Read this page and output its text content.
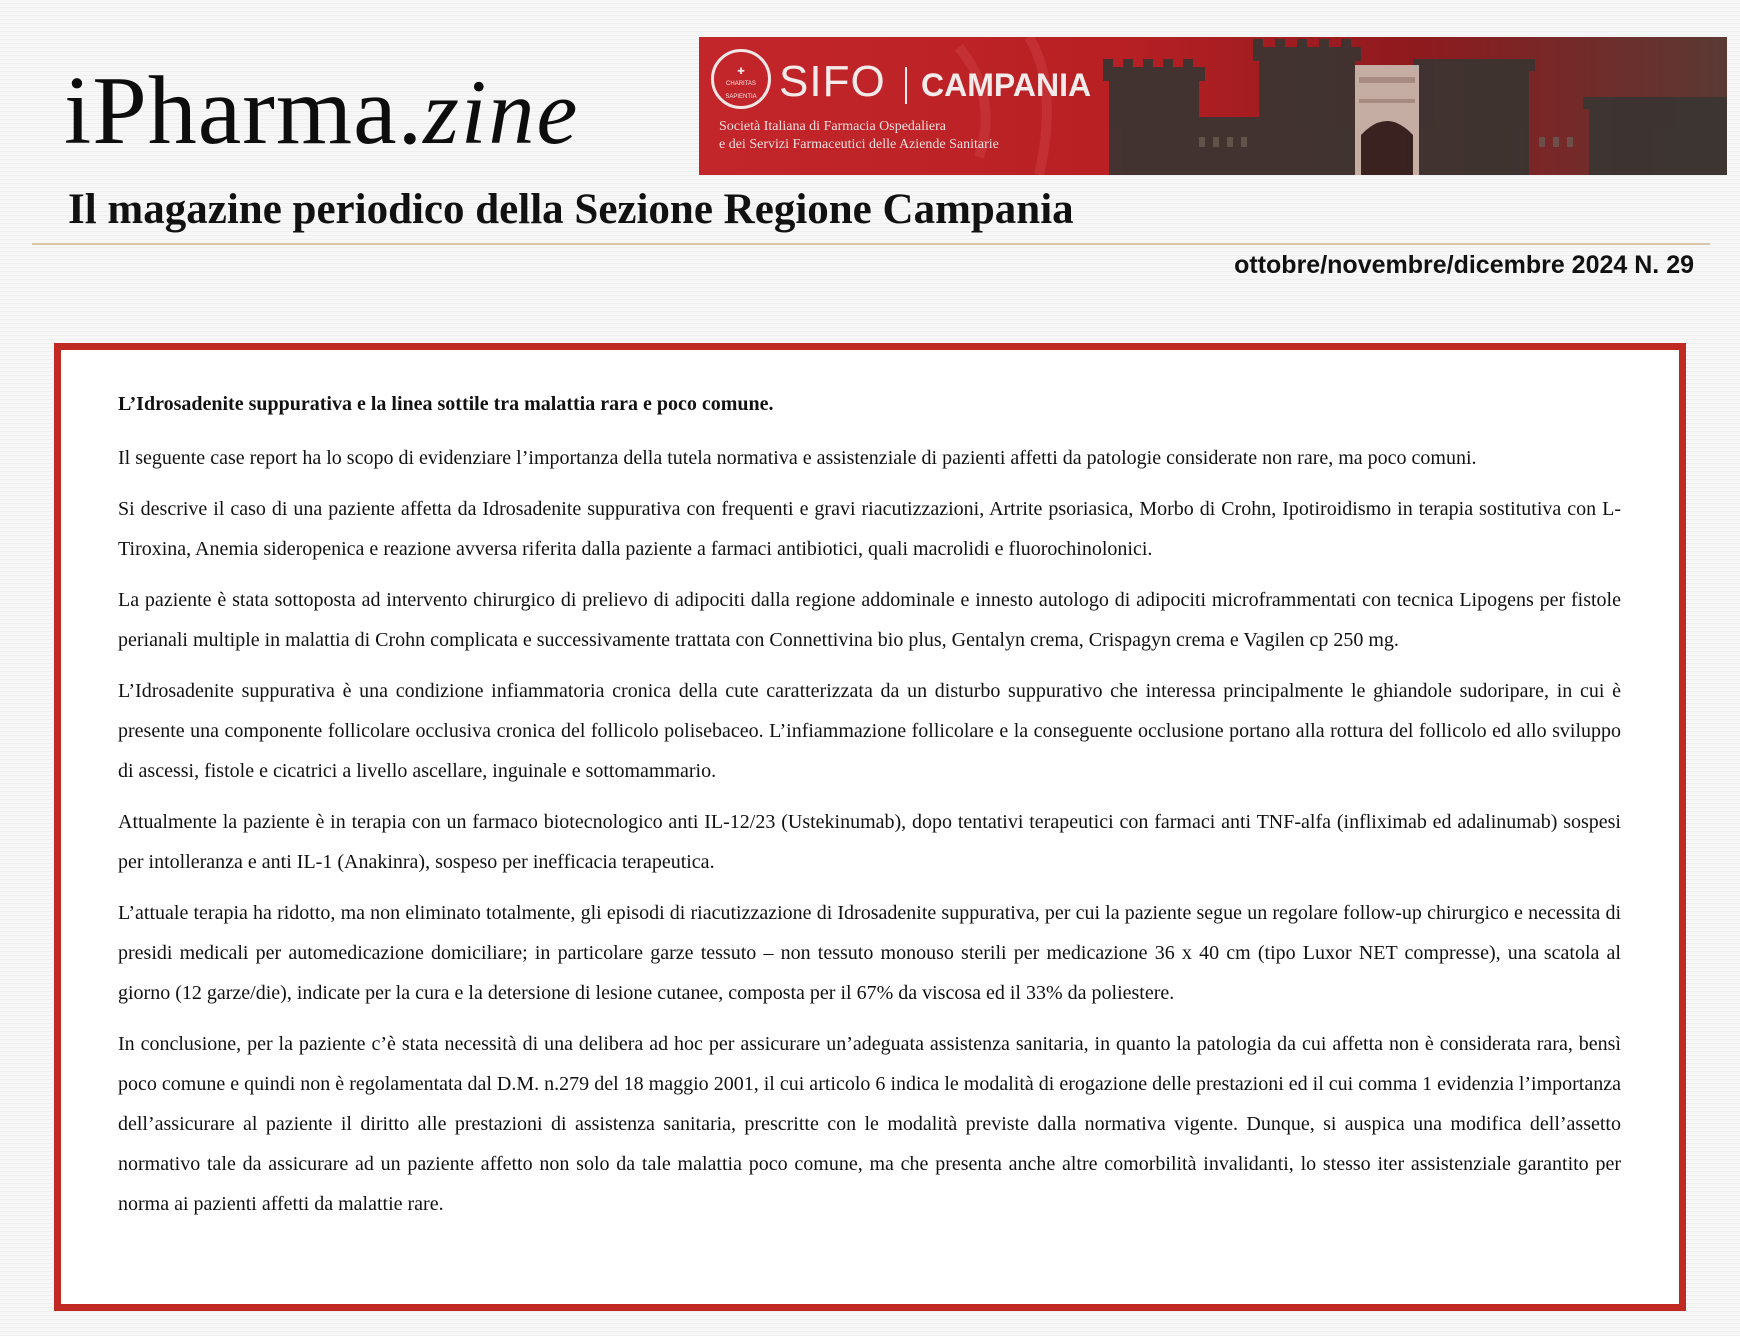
iPharma.zine	✚
CHARITAS SAPIENTIA SIFO	CAMPANIA
Società Italiana di Farmacia Ospedaliera
e dei Servizi Farmaceutici delle Aziende Sanitarie
Il magazine periodico della Sezione Regione Campania
ottobre/novembre/dicembre 2024 N. 29
L’Idrosadenite suppurativa e la linea sottile tra malattia rara e poco comune.

Il seguente case report ha lo scopo di evidenziare l’importanza della tutela normativa e assistenziale di pazienti affetti da patologie considerate non rare, ma poco comuni.

Si descrive il caso di una paziente affetta da Idrosadenite suppurativa con frequenti e gravi riacutizzazioni, Artrite psoriasica, Morbo di Crohn, Ipotiroidismo in terapia sostitutiva con L-Tiroxina, Anemia sideropenica e reazione avversa riferita dalla paziente a farmaci antibiotici, quali macrolidi e fluorochinolonici.

La paziente è stata sottoposta ad intervento chirurgico di prelievo di adipociti dalla regione addominale e innesto autologo di adipociti microframmentati con tecnica Lipogens per fistole perianali multiple in malattia di Crohn complicata e successivamente trattata con Connettivina bio plus, Gentalyn crema, Crispagyn crema e Vagilen cp 250 mg.

L’Idrosadenite suppurativa è una condizione infiammatoria cronica della cute caratterizzata da un disturbo suppurativo che interessa principalmente le ghiandole sudoripare, in cui è presente una componente follicolare occlusiva cronica del follicolo polisebaceo. L’infiammazione follicolare e la conseguente occlusione portano alla rottura del follicolo ed allo sviluppo di ascessi, fistole e cicatrici a livello ascellare, inguinale e sottomammario.

Attualmente la paziente è in terapia con un farmaco biotecnologico anti IL-12/23 (Ustekinumab), dopo tentativi terapeutici con farmaci anti TNF-alfa (infliximab ed adalinumab) sospesi per intolleranza e anti IL-1 (Anakinra), sospeso per inefficacia terapeutica.

L’attuale terapia ha ridotto, ma non eliminato totalmente, gli episodi di riacutizzazione di Idrosadenite suppurativa, per cui la paziente segue un regolare follow-up chirurgico e necessita di presidi medicali per automedicazione domiciliare; in particolare garze tessuto – non tessuto monouso sterili per medicazione 36 x 40 cm (tipo Luxor NET compresse), una scatola al giorno (12 garze/die), indicate per la cura e la detersione di lesione cutanee, composta per il 67% da viscosa ed il 33% da poliestere.

In conclusione, per la paziente c’è stata necessità di una delibera ad hoc per assicurare un’adeguata assistenza sanitaria, in quanto la patologia da cui affetta non è considerata rara, bensì poco comune e quindi non è regolamentata dal D.M. n.279 del 18 maggio 2001, il cui articolo 6 indica le modalità di erogazione delle prestazioni ed il cui comma 1 evidenzia l’importanza dell’assicurare al paziente il diritto alle prestazioni di assistenza sanitaria, prescritte con le modalità previste dalla normativa vigente. Dunque, si auspica una modifica dell’assetto normativo tale da assicurare ad un paziente affetto non solo da tale malattia poco comune, ma che presenta anche altre comorbilità invalidanti, lo stesso iter assistenziale garantito per norma ai pazienti affetti da malattie rare.
